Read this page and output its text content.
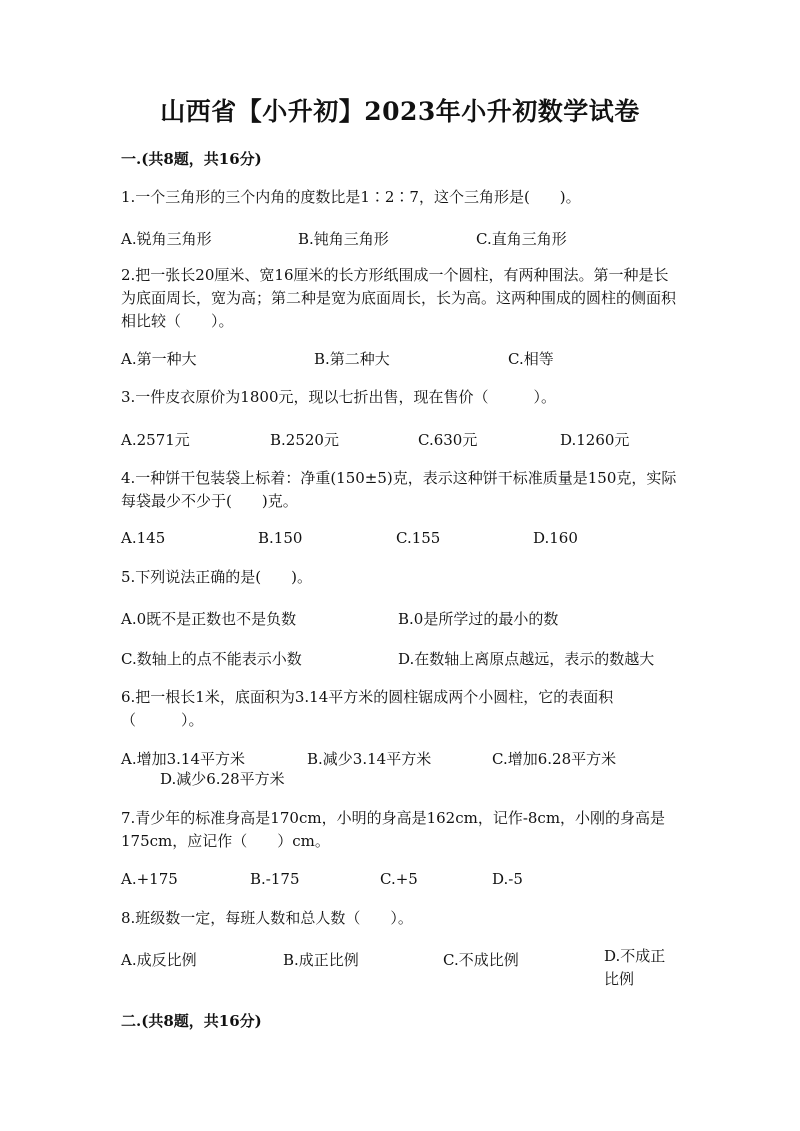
山西省【小升初】2023年小升初数学试卷
一.(共8题，共16分)
1.一个三角形的三个内角的度数比是1∶2∶7，这个三角形是(　　)。
A.锐角三角形	B.钝角三角形	C.直角三角形
2.把一张长20厘米、宽16厘米的长方形纸围成一个圆柱，有两种围法。第一种是长为底面周长，宽为高；第二种是宽为底面周长，长为高。这两种围成的圆柱的侧面积相比较（　　）。
A.第一种大	B.第二种大	C.相等
3.一件皮衣原价为1800元，现以七折出售，现在售价（　　　）。
A.2571元	B.2520元	C.630元	D.1260元
4.一种饼干包装袋上标着：净重(150±5)克，表示这种饼干标准质量是150克，实际每袋最少不少于(　　)克。
A.145	B.150	C.155	D.160
5.下列说法正确的是(　　)。
A.0既不是正数也不是负数	B.0是所学过的最小的数
C.数轴上的点不能表示小数	D.在数轴上离原点越远，表示的数越大
6.把一根长1米，底面积为3.14平方米的圆柱锯成两个小圆柱，它的表面积（　　　）。
A.增加3.14平方米	B.减少3.14平方米	C.增加6.28平方米
D.减少6.28平方米
7.青少年的标准身高是170cm，小明的身高是162cm，记作-8cm，小刚的身高是175cm，应记作（　　）cm。
A.+175	B.-175	C.+5	D.-5
8.班级数一定，每班人数和总人数（　　）。
A.成反比例	B.成正比例	C.不成比例	D.不成正比例
二.(共8题，共16分)
